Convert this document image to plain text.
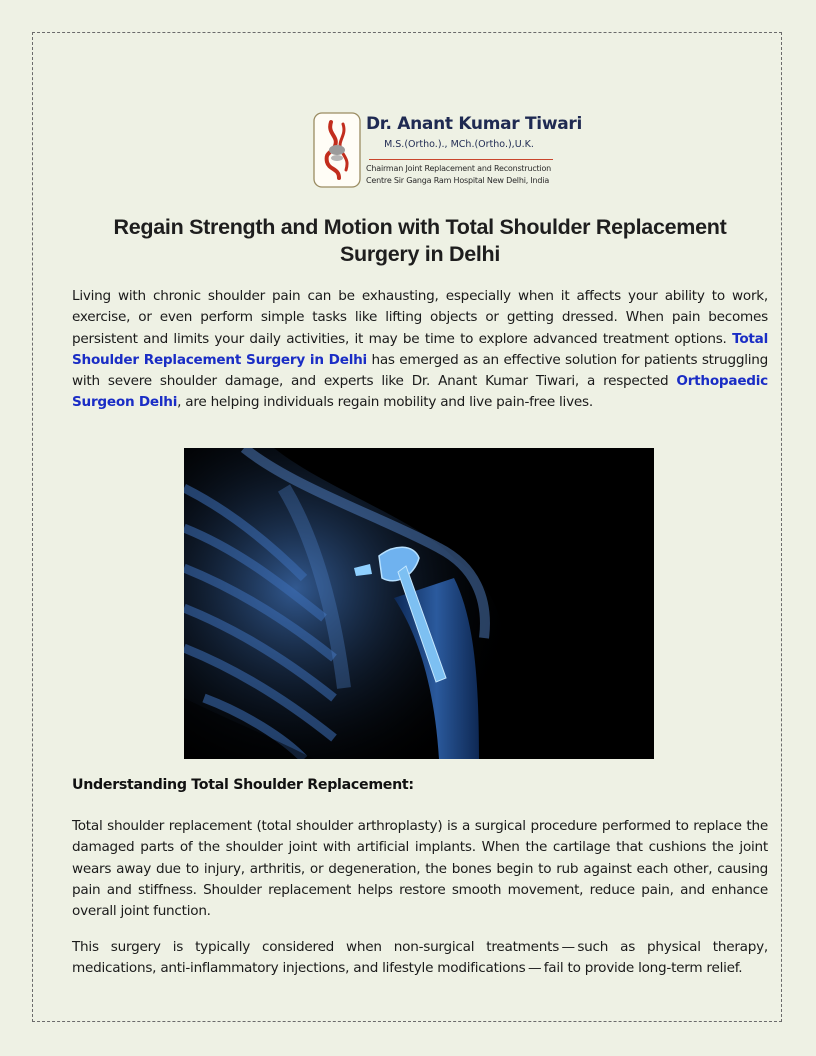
Dr. Anant Kumar Tiwari
M.S.(Ortho.)., MCh.(Ortho.),U.K.
Chairman Joint Replacement and Reconstruction
Centre Sir Ganga Ram Hospital New Delhi, India
Regain Strength and Motion with Total Shoulder Replacement Surgery in Delhi

Living with chronic shoulder pain can be exhausting, especially when it affects your ability to work, exercise, or even perform simple tasks like lifting objects or getting dressed. When pain becomes persistent and limits your daily activities, it may be time to explore advanced treatment options. Total Shoulder Replacement Surgery in Delhi has emerged as an effective solution for patients struggling with severe shoulder damage, and experts like Dr. Anant Kumar Tiwari, a respected Orthopaedic Surgeon Delhi, are helping individuals regain mobility and live pain-free lives.

Understanding Total Shoulder Replacement:

Total shoulder replacement (total shoulder arthroplasty) is a surgical procedure performed to replace the damaged parts of the shoulder joint with artificial implants. When the cartilage that cushions the joint wears away due to injury, arthritis, or degeneration, the bones begin to rub against each other, causing pain and stiffness. Shoulder replacement helps restore smooth movement, reduce pain, and enhance overall joint function.

This surgery is typically considered when non-surgical treatments — such as physical therapy, medications, anti-inflammatory injections, and lifestyle modifications — fail to provide long-term relief.
